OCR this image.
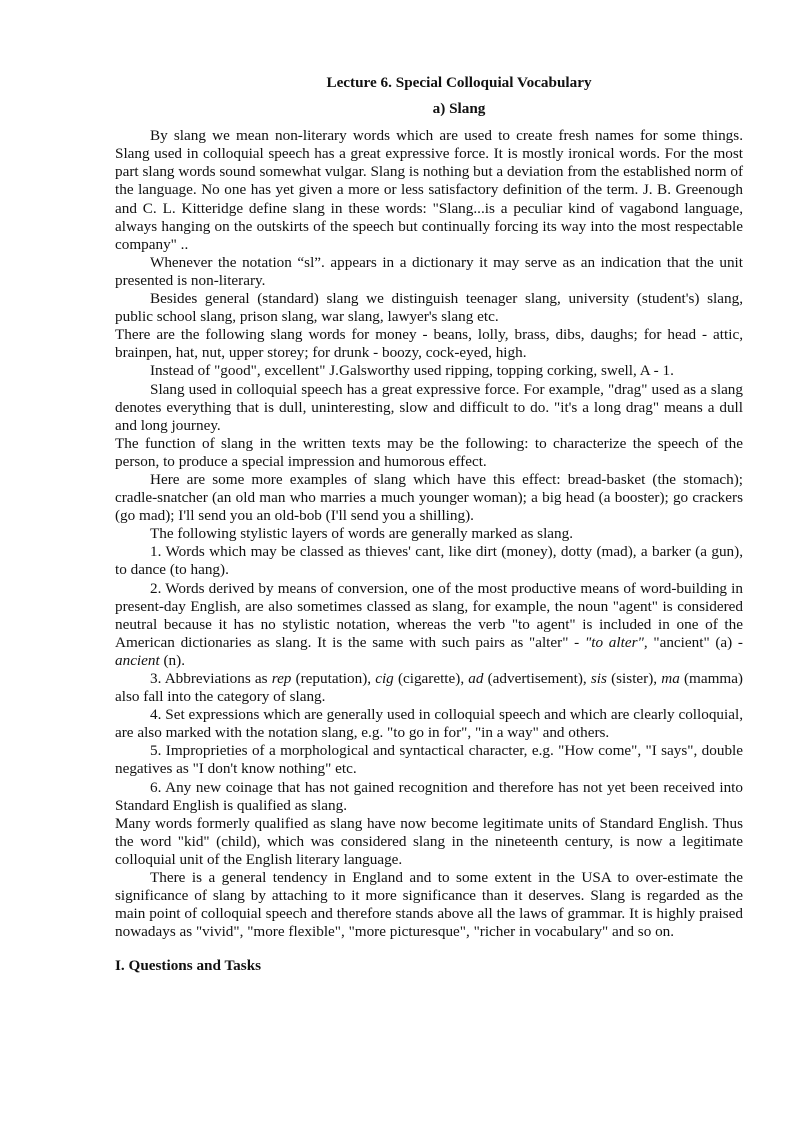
Lecture 6. Special Colloquial Vocabulary
a) Slang

By slang we mean non-literary words which are used to create fresh names for some things. Slang used in colloquial speech has a great expressive force. It is mostly ironical words. For the most part slang words sound somewhat vulgar. Slang is nothing but a deviation from the established norm of the language. No one has yet given a more or less satisfactory definition of the term. J. B. Greenough and C. L. Kitteridge define slang in these words: "Slang...is a peculiar kind of vagabond language, always hanging on the outskirts of the speech but continually forcing its way into the most respectable company" ..

Whenever the notation “sl”. appears in a dictionary it may serve as an indication that the unit presented is non-literary.

Besides general (standard) slang we distinguish teenager slang, university (student's) slang, public school slang, prison slang, war slang, lawyer's slang etc.

There are the following slang words for money - beans, lolly, brass, dibs, daughs; for head - attic, brainpen, hat, nut, upper storey; for drunk - boozy, cock-eyed, high.

Instead of "good", excellent" J.Galsworthy used ripping, topping corking, swell, A - 1.

Slang used in colloquial speech has a great expressive force. For example, "drag" used as a slang denotes everything that is dull, uninteresting, slow and difficult to do. "it's a long drag" means a dull and long journey.

The function of slang in the written texts may be the following: to characterize the speech of the person, to produce a special impression and humorous effect.

Here are some more examples of slang which have this effect: bread-basket (the stomach); cradle-snatcher (an old man who marries a much younger woman); a big head (a booster); go crackers (go mad); I'll send you an old-bob (I'll send you a shilling).

The following stylistic layers of words are generally marked as slang.

1. Words which may be classed as thieves' cant, like dirt (money), dotty (mad), a barker (a gun), to dance (to hang).

2. Words derived by means of conversion, one of the most productive means of word-building in present-day English, are also sometimes classed as slang, for example, the noun "agent" is considered neutral because it has no stylistic notation, whereas the verb "to agent" is included in one of the American dictionaries as slang. It is the same with such pairs as "alter" - "to alter", "ancient" (a) -ancient (n).

3. Abbreviations as rep (reputation), cig (cigarette), ad (advertisement), sis (sister), ma (mamma) also fall into the category of slang.

4. Set expressions which are generally used in colloquial speech and which are clearly colloquial, are also marked with the notation slang, e.g. "to go in for", "in a way" and others.

5. Improprieties of a morphological and syntactical character, e.g. "How come", "I says", double negatives as "I don't know nothing" etc.

6. Any new coinage that has not gained recognition and therefore has not yet been received into Standard English is qualified as slang.

Many words formerly qualified as slang have now become legitimate units of Standard English. Thus the word "kid" (child), which was considered slang in the nineteenth century, is now a legitimate colloquial unit of the English literary language.

There is a general tendency in England and to some extent in the USA to over-estimate the significance of slang by attaching to it more significance than it deserves. Slang is regarded as the main point of colloquial speech and therefore stands above all the laws of grammar. It is highly praised nowadays as "vivid", "more flexible", "more picturesque", "richer in vocabulary" and so on.

I. Questions and Tasks
